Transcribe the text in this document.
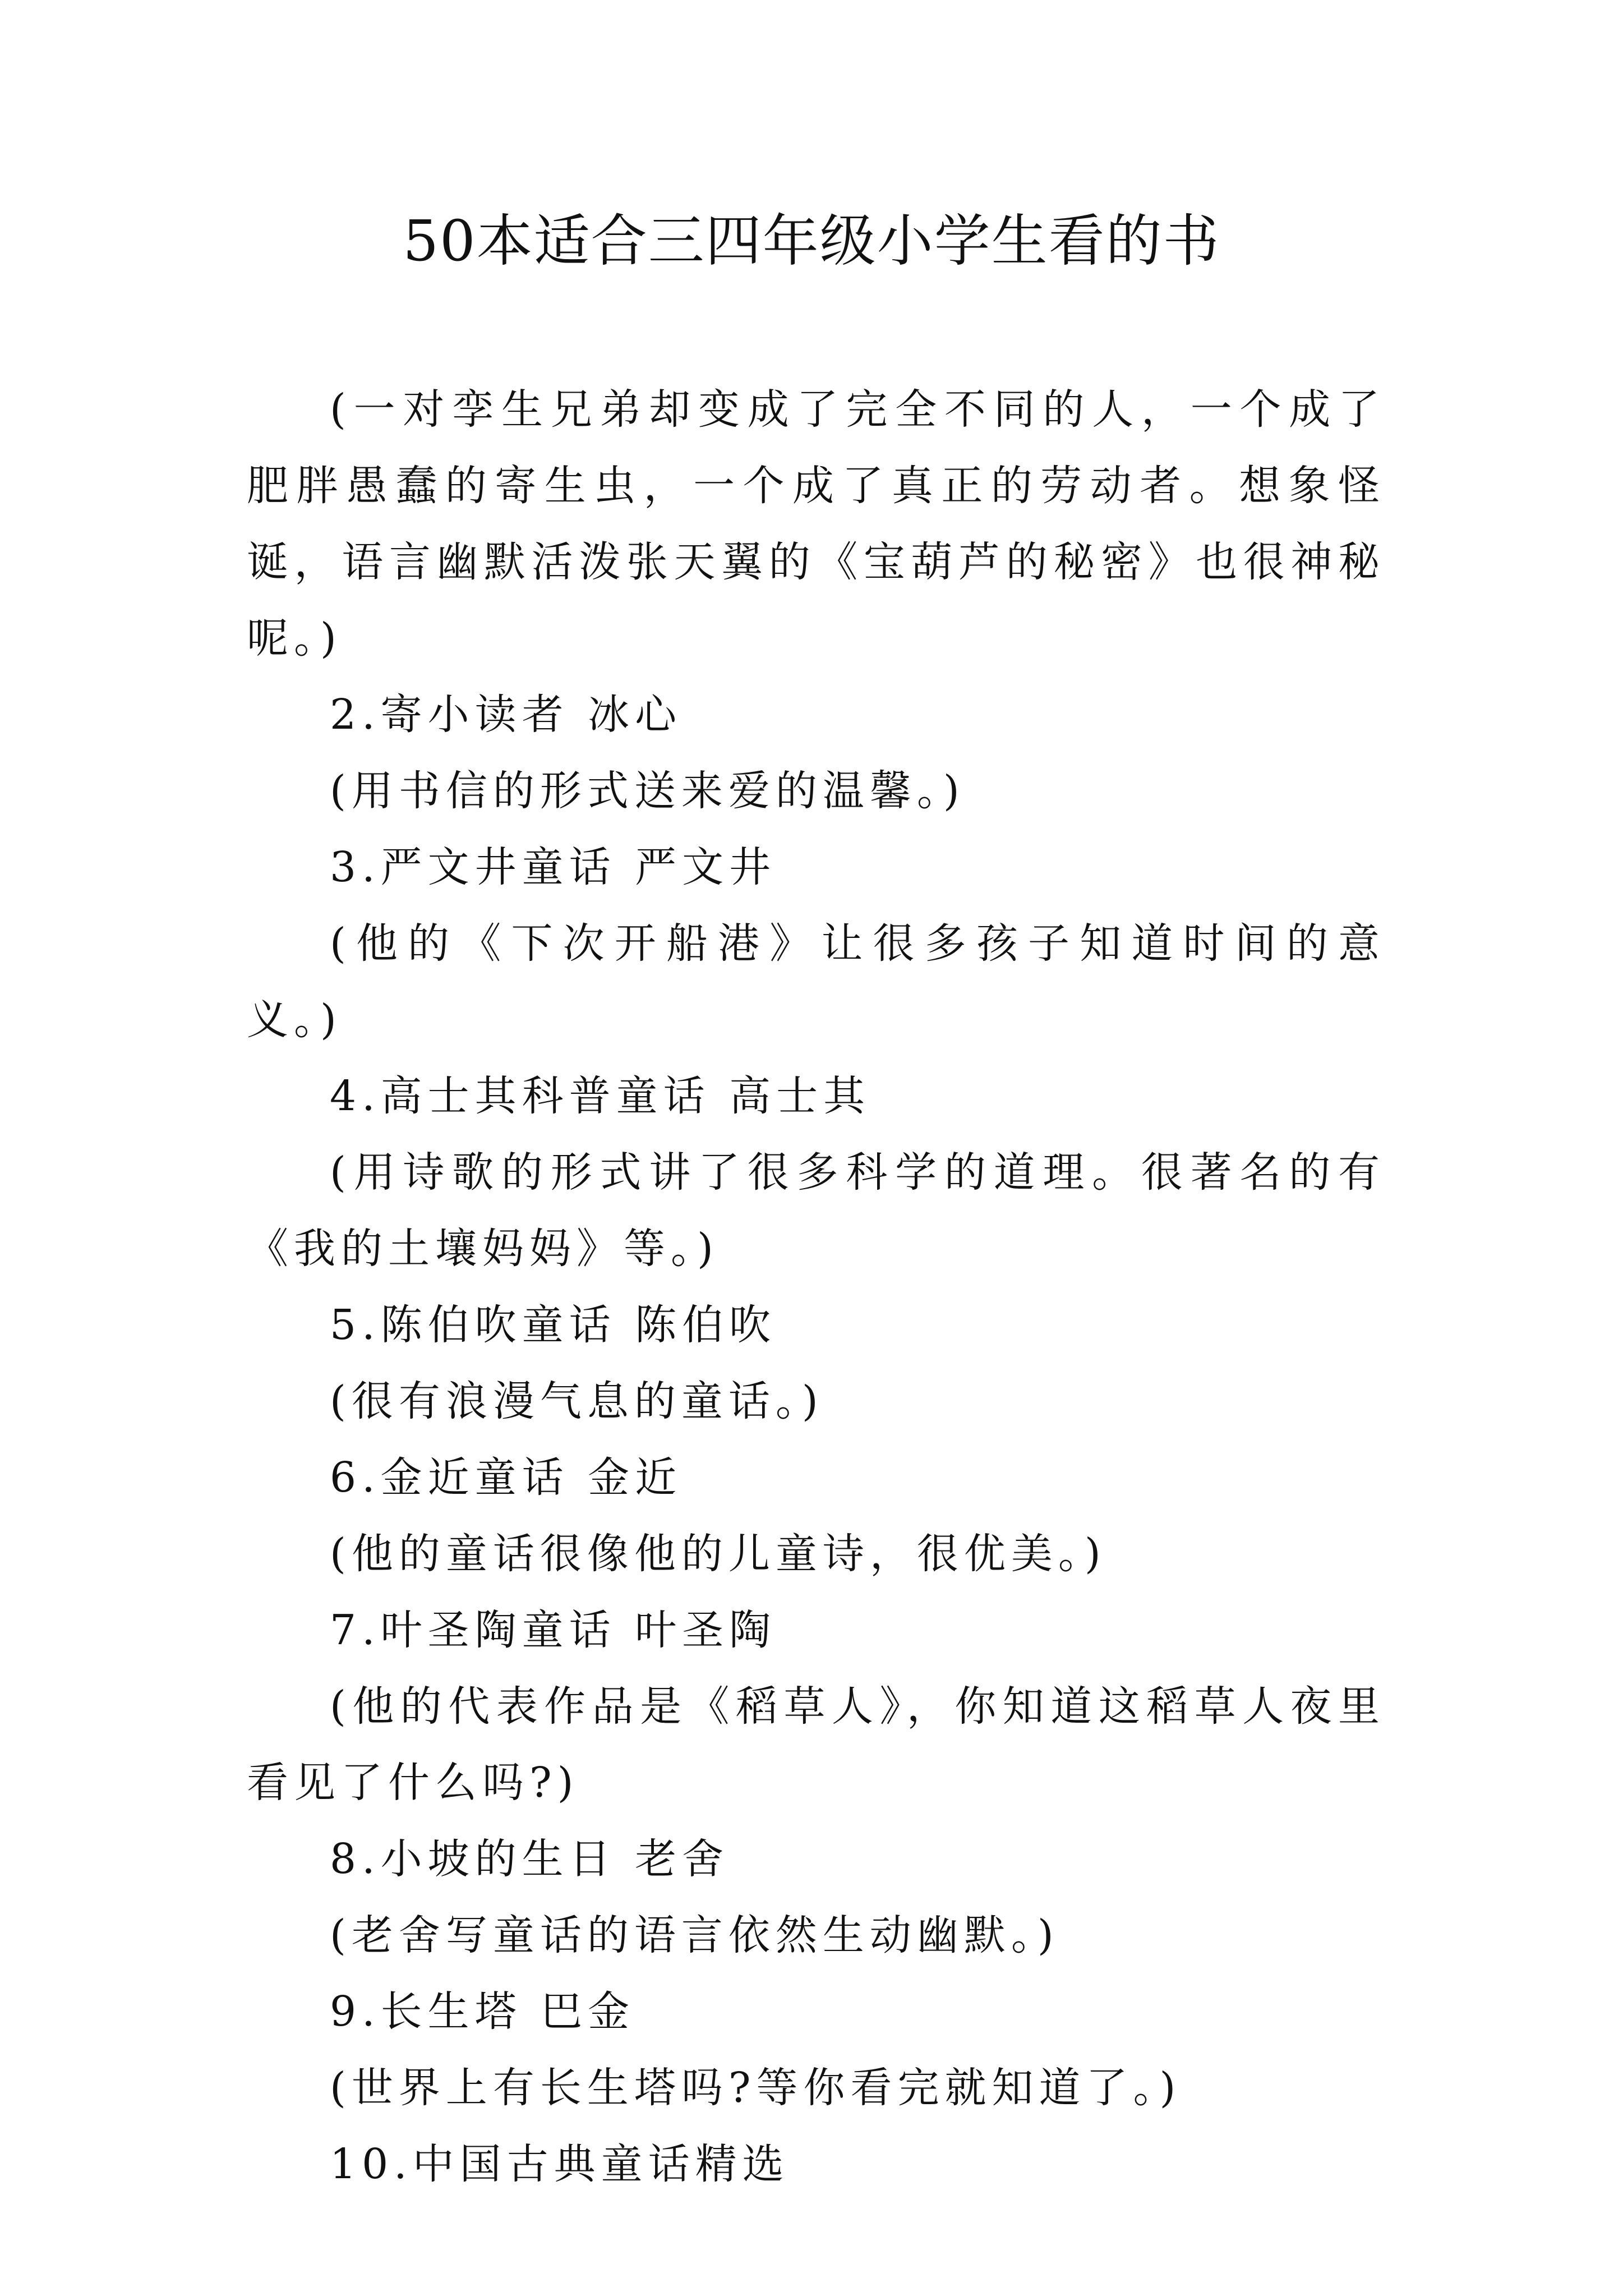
50本适合三四年级小学生看的书

(一对孪生兄弟却变成了完全不同的人，一个成了肥胖愚蠢的寄生虫，一个成了真正的劳动者。想象怪诞，语言幽默活泼张天翼的《宝葫芦的秘密》也很神秘呢。)

2.寄小读者 冰心

(用书信的形式送来爱的温馨。)

3.严文井童话 严文井

(他的《下次开船港》让很多孩子知道时间的意义。)

4.高士其科普童话 高士其

(用诗歌的形式讲了很多科学的道理。很著名的有《我的土壤妈妈》等。)

5.陈伯吹童话 陈伯吹

(很有浪漫气息的童话。)

6.金近童话 金近

(他的童话很像他的儿童诗，很优美。)

7.叶圣陶童话 叶圣陶

(他的代表作品是《稻草人》，你知道这稻草人夜里看见了什么吗?)

8.小坡的生日 老舍

(老舍写童话的语言依然生动幽默。)

9.长生塔 巴金

(世界上有长生塔吗?等你看完就知道了。)

10.中国古典童话精选
